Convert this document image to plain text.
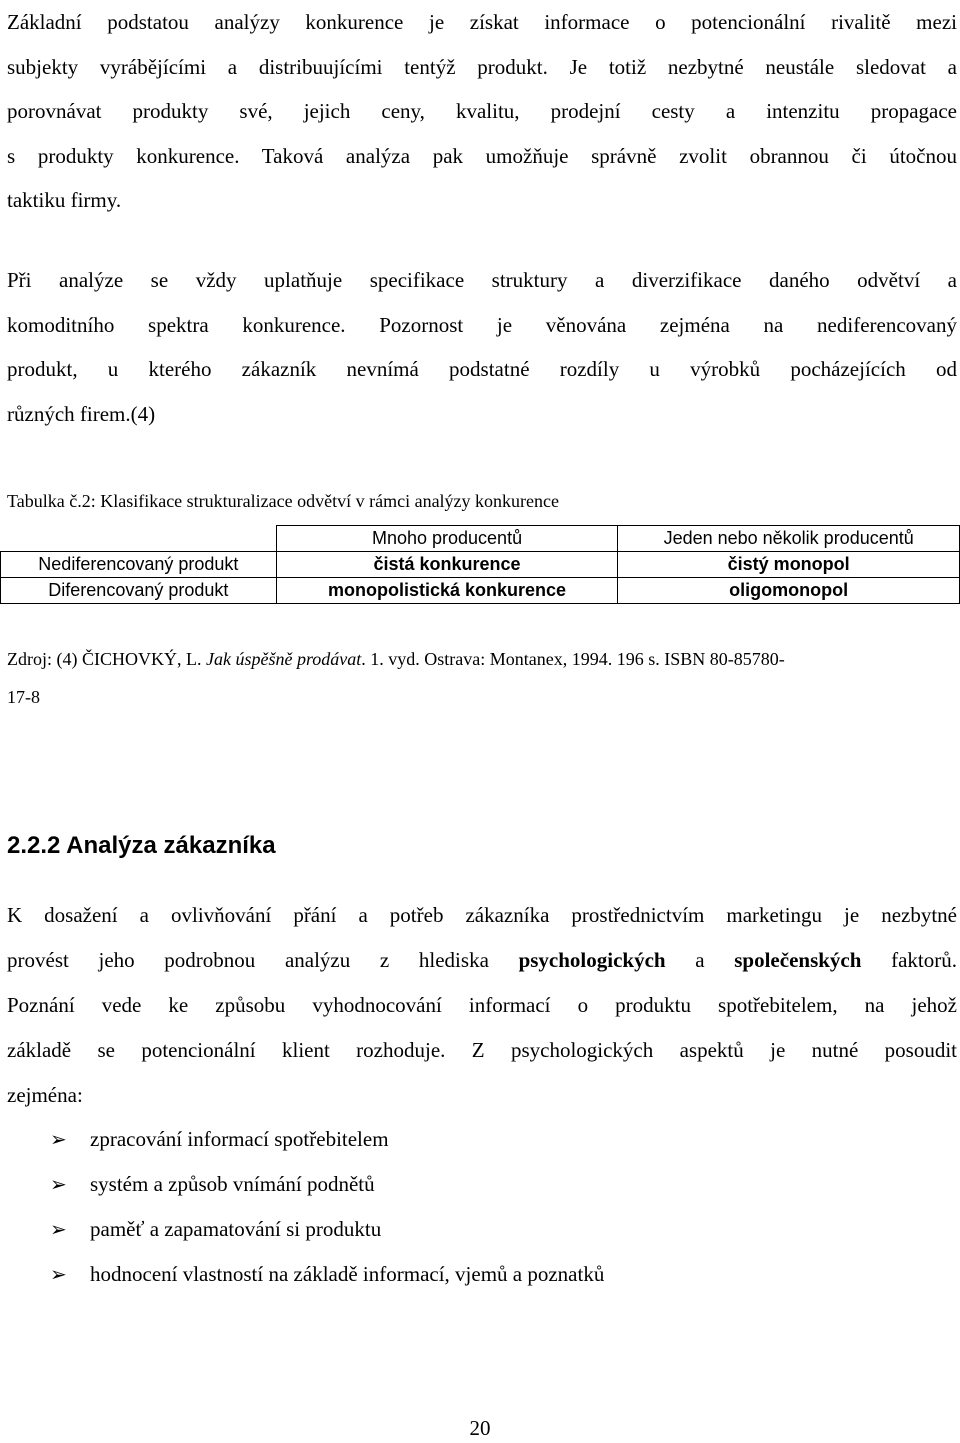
Základní podstatou analýzy konkurence je získat informace o potencionální rivalitě mezi
subjekty vyrábějícími a distribuujícími tentýž produkt. Je totiž nezbytné neustále sledovat a
porovnávat produkty své, jejich ceny, kvalitu, prodejní cesty a intenzitu propagace
s produkty konkurence. Taková analýza pak umožňuje správně zvolit obrannou či útočnou
taktiku firmy.
Při analýze se vždy uplatňuje specifikace struktury a diverzifikace daného odvětví a
komoditního spektra konkurence. Pozornost je věnována zejména na nediferencovaný
produkt, u kterého zákazník nevnímá podstatné rozdíly u výrobků pocházejících od
různých firem.(4)
Tabulka č.2: Klasifikace strukturalizace odvětví v rámci analýzy konkurence
	Mnoho producentů	Jeden nebo několik producentů
Nediferencovaný produkt	čistá konkurence	čistý monopol
Diferencovaný produkt	monopolistická konkurence	oligomonopol
Zdroj: (4) ČICHOVKÝ, L. Jak úspěšně prodávat. 1. vyd. Ostrava: Montanex, 1994. 196 s. ISBN 80-85780-
17-8
2.2.2 Analýza zákazníka
K dosažení a ovlivňování přání a potřeb zákazníka prostřednictvím marketingu je nezbytné
provést jeho podrobnou analýzu z hlediska psychologických a společenských faktorů.
Poznání vede ke způsobu vyhodnocování informací o produktu spotřebitelem, na jehož
základě se potencionální klient rozhoduje. Z psychologických aspektů je nutné posoudit
zejména:
➢ zpracování informací spotřebitelem
➢ systém a způsob vnímání podnětů
➢ paměť a zapamatování si produktu
➢ hodnocení vlastností na základě informací, vjemů a poznatků
20
